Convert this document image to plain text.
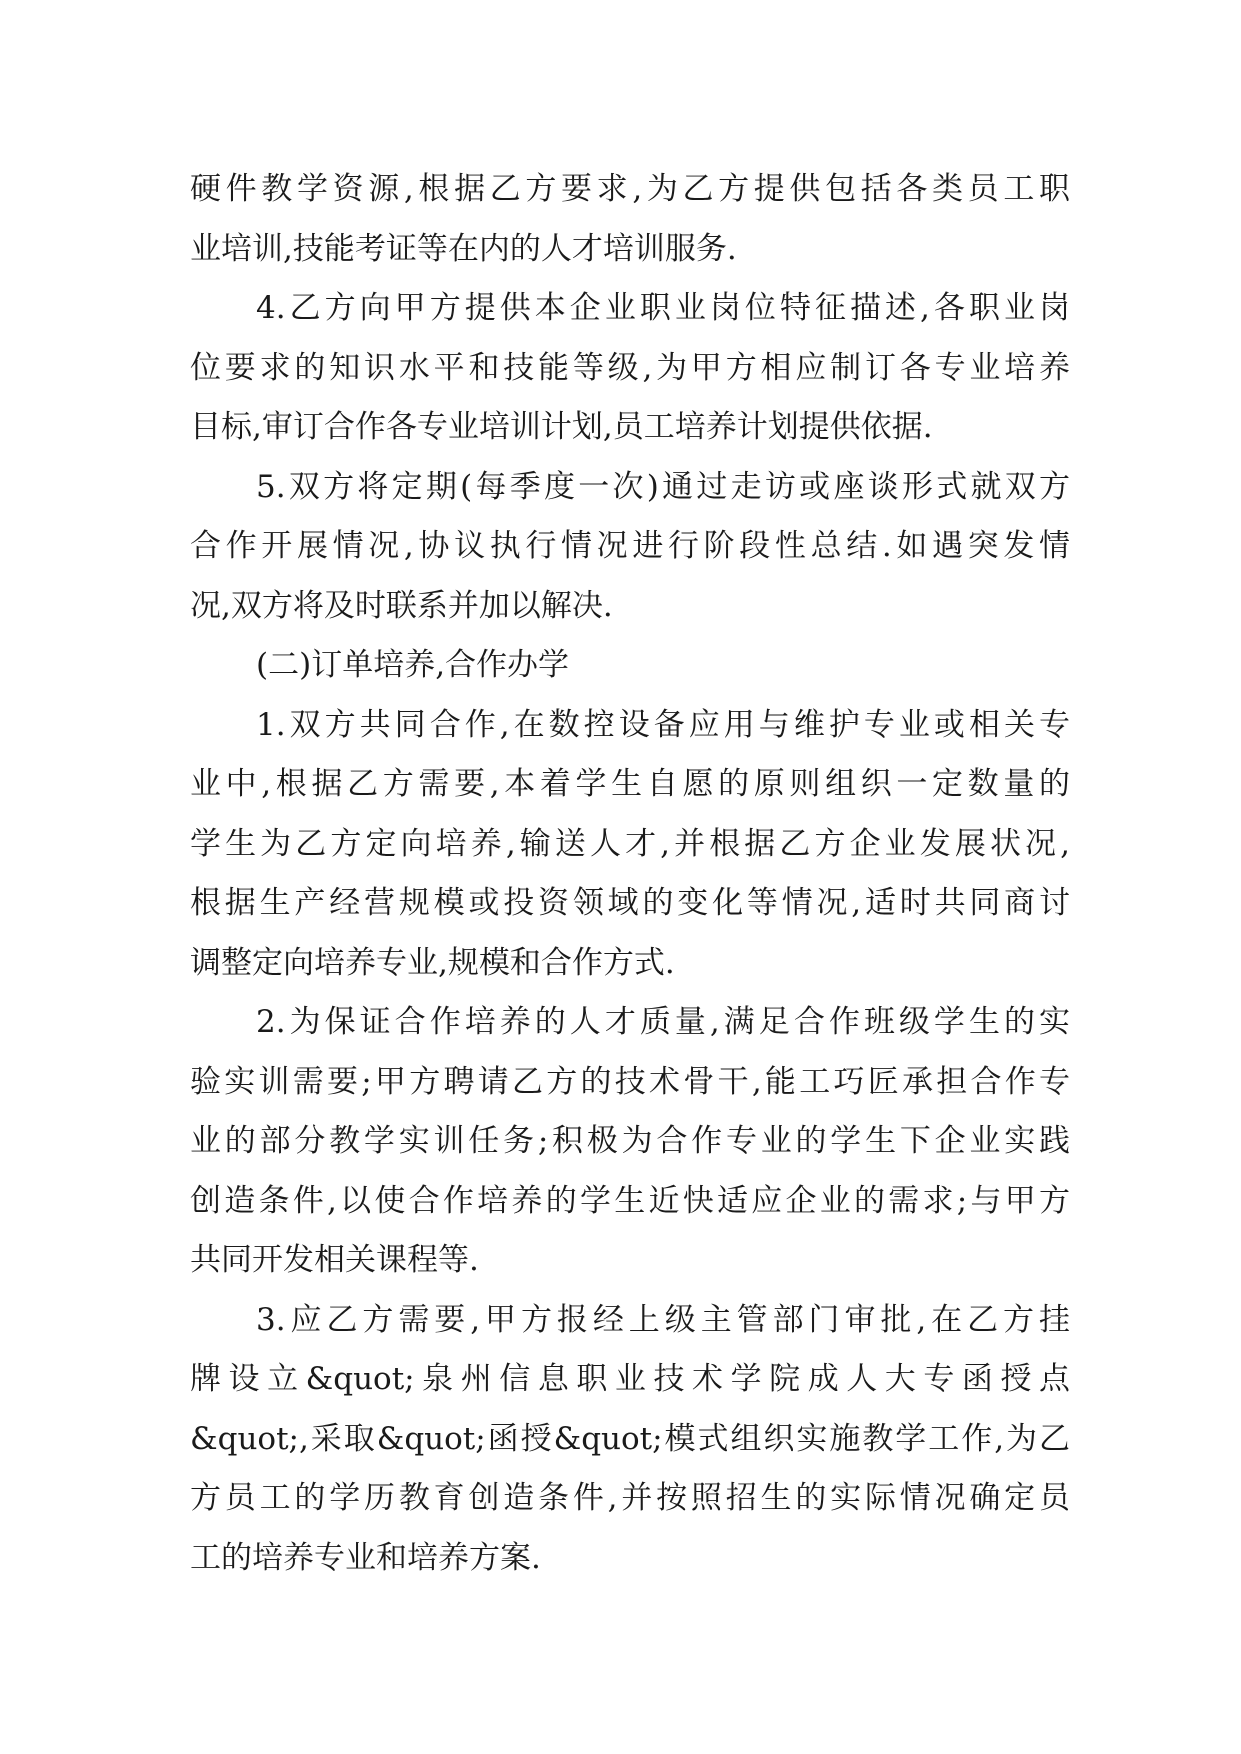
硬件教学资源,根据乙方要求,为乙方提供包括各类员工职
业培训,技能考证等在内的人才培训服务.
4.乙方向甲方提供本企业职业岗位特征描述,各职业岗
位要求的知识水平和技能等级,为甲方相应制订各专业培养
目标,审订合作各专业培训计划,员工培养计划提供依据.
5.双方将定期(每季度一次)通过走访或座谈形式就双方
合作开展情况,协议执行情况进行阶段性总结.如遇突发情
况,双方将及时联系并加以解决.
(二)订单培养,合作办学
1.双方共同合作,在数控设备应用与维护专业或相关专
业中,根据乙方需要,本着学生自愿的原则组织一定数量的
学生为乙方定向培养,输送人才,并根据乙方企业发展状况,
根据生产经营规模或投资领域的变化等情况,适时共同商讨
调整定向培养专业,规模和合作方式.
2.为保证合作培养的人才质量,满足合作班级学生的实
验实训需要;甲方聘请乙方的技术骨干,能工巧匠承担合作专
业的部分教学实训任务;积极为合作专业的学生下企业实践
创造条件,以使合作培养的学生近快适应企业的需求;与甲方
共同开发相关课程等.
3.应乙方需要,甲方报经上级主管部门审批,在乙方挂
牌设立&quot;泉州信息职业技术学院成人大专函授点
&quot;,采取&quot;函授&quot;模式组织实施教学工作,为乙
方员工的学历教育创造条件,并按照招生的实际情况确定员
工的培养专业和培养方案.
